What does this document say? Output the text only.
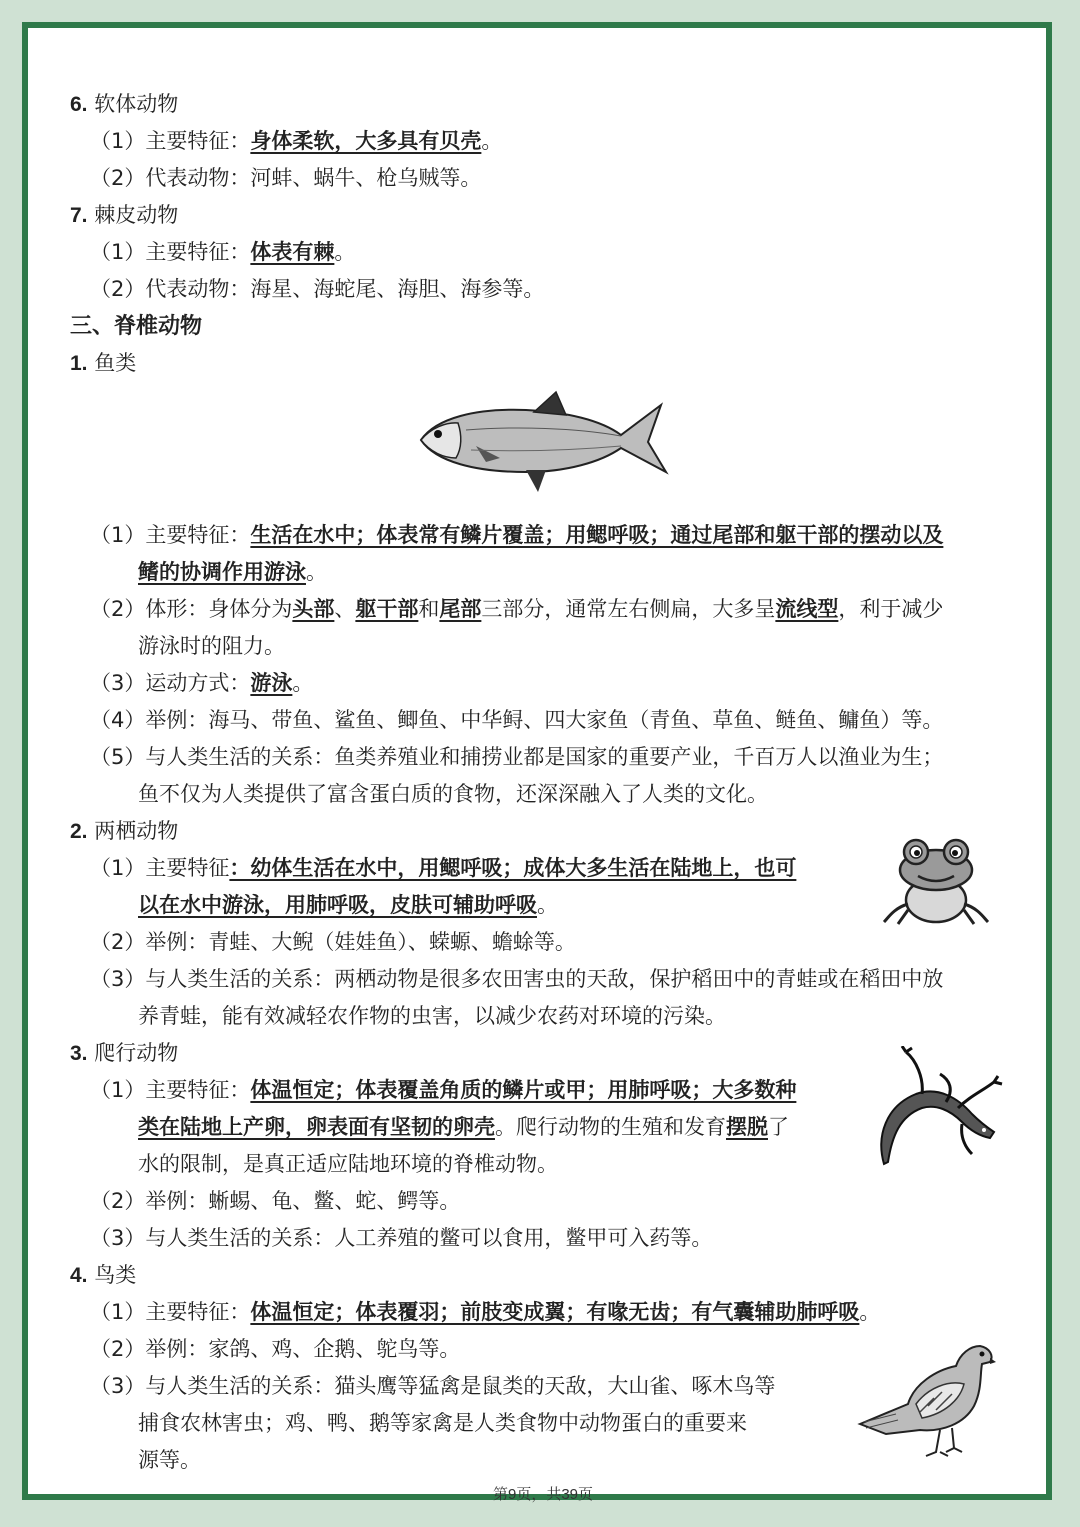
6. 软体动物
（1）主要特征：身体柔软，大多具有贝壳。
（2）代表动物：河蚌、蜗牛、枪乌贼等。
7. 棘皮动物
（1）主要特征：体表有棘。
（2）代表动物：海星、海蛇尾、海胆、海参等。
三、脊椎动物
1. 鱼类
（1）主要特征：生活在水中；体表常有鳞片覆盖；用鳃呼吸；通过尾部和躯干部的摆动以及
鳍的协调作用游泳。
（2）体形：身体分为头部、躯干部和尾部三部分，通常左右侧扁，大多呈流线型，利于减少
游泳时的阻力。
（3）运动方式：游泳。
（4）举例：海马、带鱼、鲨鱼、鲫鱼、中华鲟、四大家鱼（青鱼、草鱼、鲢鱼、鳙鱼）等。
（5）与人类生活的关系：鱼类养殖业和捕捞业都是国家的重要产业，千百万人以渔业为生；
鱼不仅为人类提供了富含蛋白质的食物，还深深融入了人类的文化。
2. 两栖动物
（1）主要特征：幼体生活在水中，用鳃呼吸；成体大多生活在陆地上，也可
以在水中游泳，用肺呼吸，皮肤可辅助呼吸。
（2）举例：青蛙、大鲵（娃娃鱼）、蝾螈、蟾蜍等。
（3）与人类生活的关系：两栖动物是很多农田害虫的天敌，保护稻田中的青蛙或在稻田中放
养青蛙，能有效减轻农作物的虫害，以减少农药对环境的污染。
3. 爬行动物
（1）主要特征：体温恒定；体表覆盖角质的鳞片或甲；用肺呼吸；大多数种
类在陆地上产卵，卵表面有坚韧的卵壳。爬行动物的生殖和发育摆脱了
水的限制，是真正适应陆地环境的脊椎动物。
（2）举例：蜥蜴、龟、鳖、蛇、鳄等。
（3）与人类生活的关系：人工养殖的鳖可以食用，鳖甲可入药等。
4. 鸟类
（1）主要特征：体温恒定；体表覆羽；前肢变成翼；有喙无齿；有气囊辅助肺呼吸。
（2）举例：家鸽、鸡、企鹅、鸵鸟等。
（3）与人类生活的关系：猫头鹰等猛禽是鼠类的天敌，大山雀、啄木鸟等
捕食农林害虫；鸡、鸭、鹅等家禽是人类食物中动物蛋白的重要来
源等。
第9页，共39页
